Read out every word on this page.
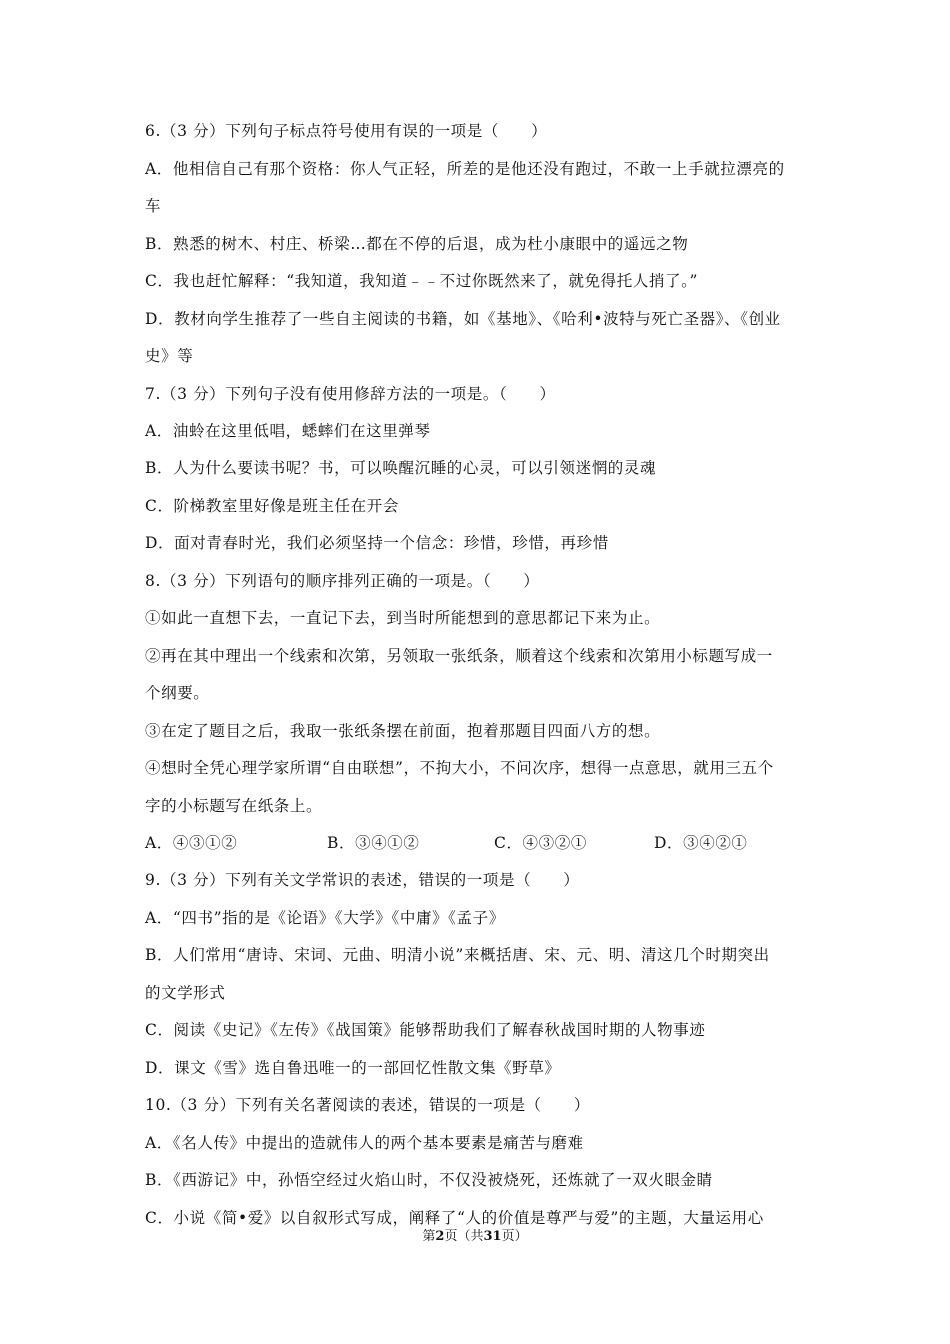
6.（3 分）下列句子标点符号使用有误的一项是（　　）
A．他相信自己有那个资格：你人气正轻，所差的是他还没有跑过，不敢一上手就拉漂亮的
车
B．熟悉的树木、村庄、桥梁…都在不停的后退，成为杜小康眼中的遥远之物
C．我也赶忙解释：“我知道，我知道﹣﹣不过你既然来了，就免得托人捎了。”
D．教材向学生推荐了一些自主阅读的书籍，如《基地》、《哈利•波特与死亡圣器》、《创业
史》等
7.（3 分）下列句子没有使用修辞方法的一项是。（　　）
A．油蛉在这里低唱，蟋蟀们在这里弹琴
B．人为什么要读书呢？书，可以唤醒沉睡的心灵，可以引领迷惘的灵魂
C．阶梯教室里好像是班主任在开会
D．面对青春时光，我们必须坚持一个信念：珍惜，珍惜，再珍惜
8.（3 分）下列语句的顺序排列正确的一项是。（　　）
①如此一直想下去，一直记下去，到当时所能想到的意思都记下来为止。
②再在其中理出一个线索和次第，另领取一张纸条，顺着这个线索和次第用小标题写成一
个纲要。
③在定了题目之后，我取一张纸条摆在前面，抱着那题目四面八方的想。
④想时全凭心理学家所谓“自由联想”，不拘大小，不问次序，想得一点意思，就用三五个
字的小标题写在纸条上。
A．④③①②	B．③④①②	C．④③②①	D．③④②①
9.（3 分）下列有关文学常识的表述，错误的一项是（　　）
A．“四书”指的是《论语》《大学》《中庸》《孟子》
B．人们常用“唐诗、宋词、元曲、明清小说”来概括唐、宋、元、明、清这几个时期突出
的文学形式
C．阅读《史记》《左传》《战国策》能够帮助我们了解春秋战国时期的人物事迹
D．课文《雪》选自鲁迅唯一的一部回忆性散文集《野草》
10.（3 分）下列有关名著阅读的表述，错误的一项是（　　）
A．《名人传》中提出的造就伟人的两个基本要素是痛苦与磨难
B．《西游记》中，孙悟空经过火焰山时，不仅没被烧死，还炼就了一双火眼金睛
C．小说《简•爱》以自叙形式写成，阐释了“人的价值是尊严与爱”的主题，大量运用心
第2页（共31页）
